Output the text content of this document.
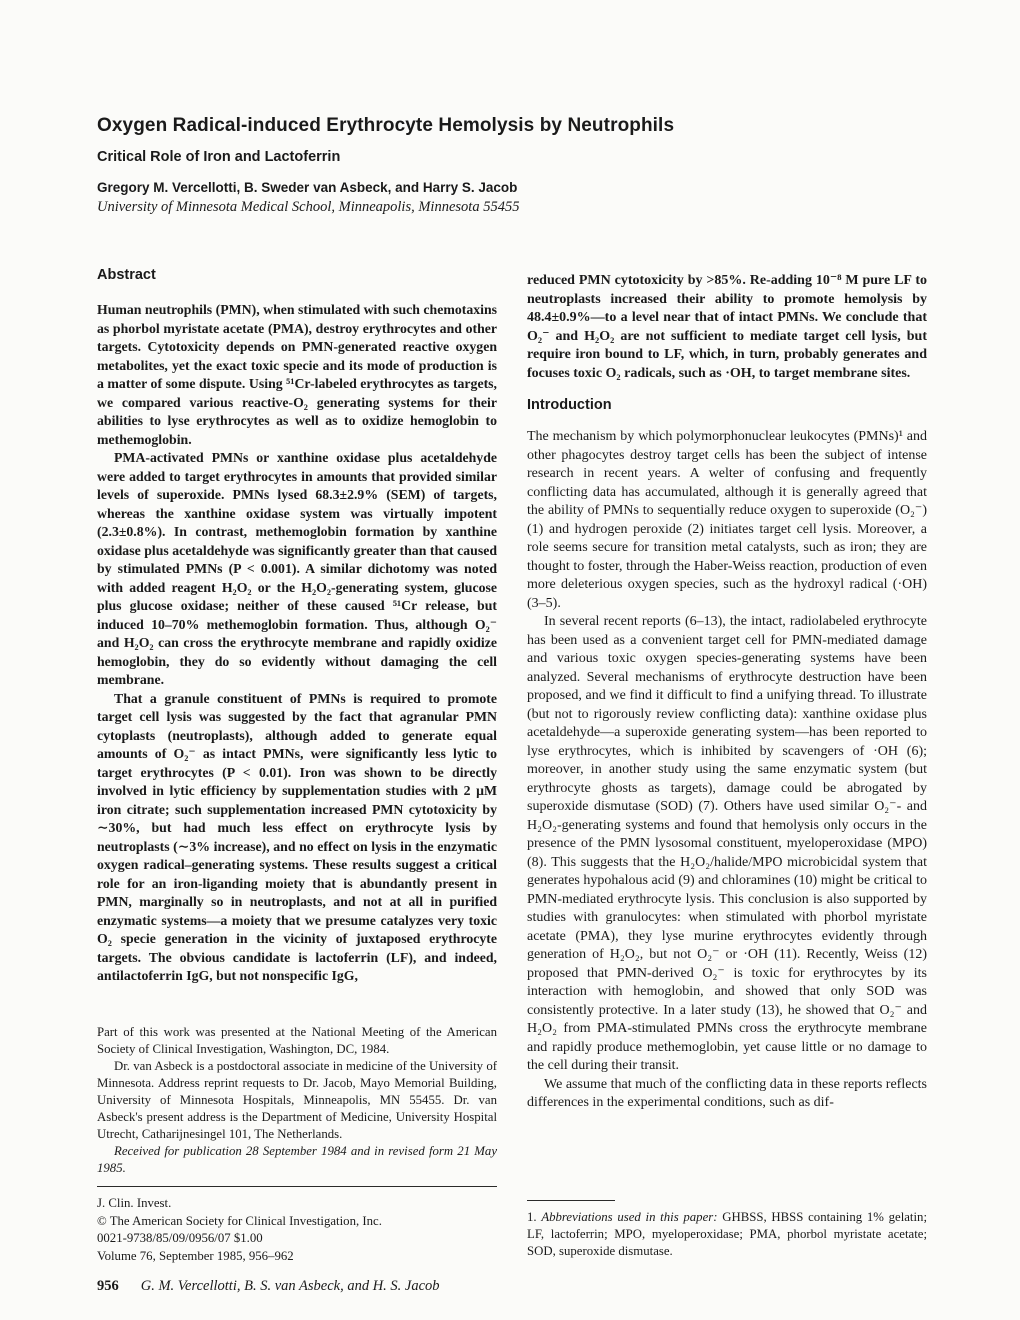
Oxygen Radical-induced Erythrocyte Hemolysis by Neutrophils
Critical Role of Iron and Lactoferrin
Gregory M. Vercellotti, B. Sweder van Asbeck, and Harry S. Jacob
University of Minnesota Medical School, Minneapolis, Minnesota 55455
Abstract

Human neutrophils (PMN), when stimulated with such chemotaxins as phorbol myristate acetate (PMA), destroy erythrocytes and other targets. Cytotoxicity depends on PMN-generated reactive oxygen metabolites, yet the exact toxic specie and its mode of production is a matter of some dispute. Using ⁵¹Cr-labeled erythrocytes as targets, we compared various reactive-O₂ generating systems for their abilities to lyse erythrocytes as well as to oxidize hemoglobin to methemoglobin.

PMA-activated PMNs or xanthine oxidase plus acetaldehyde were added to target erythrocytes in amounts that provided similar levels of superoxide. PMNs lysed 68.3±2.9% (SEM) of targets, whereas the xanthine oxidase system was virtually impotent (2.3±0.8%). In contrast, methemoglobin formation by xanthine oxidase plus acetaldehyde was significantly greater than that caused by stimulated PMNs (P < 0.001). A similar dichotomy was noted with added reagent H₂O₂ or the H₂O₂-generating system, glucose plus glucose oxidase; neither of these caused ⁵¹Cr release, but induced 10–70% methemoglobin formation. Thus, although O₂⁻ and H₂O₂ can cross the erythrocyte membrane and rapidly oxidize hemoglobin, they do so evidently without damaging the cell membrane.

That a granule constituent of PMNs is required to promote target cell lysis was suggested by the fact that agranular PMN cytoplasts (neutroplasts), although added to generate equal amounts of O₂⁻ as intact PMNs, were significantly less lytic to target erythrocytes (P < 0.01). Iron was shown to be directly involved in lytic efficiency by supplementation studies with 2 μM iron citrate; such supplementation increased PMN cytotoxicity by ∼30%, but had much less effect on erythrocyte lysis by neutroplasts (∼3% increase), and no effect on lysis in the enzymatic oxygen radical–generating systems. These results suggest a critical role for an iron-liganding moiety that is abundantly present in PMN, marginally so in neutroplasts, and not at all in purified enzymatic systems—a moiety that we presume catalyzes very toxic O₂ specie generation in the vicinity of juxtaposed erythrocyte targets. The obvious candidate is lactoferrin (LF), and indeed, antilactoferrin IgG, but not nonspecific IgG,

Part of this work was presented at the National Meeting of the American Society of Clinical Investigation, Washington, DC, 1984.

Dr. van Asbeck is a postdoctoral associate in medicine of the University of Minnesota. Address reprint requests to Dr. Jacob, Mayo Memorial Building, University of Minnesota Hospitals, Minneapolis, MN 55455. Dr. van Asbeck's present address is the Department of Medicine, University Hospital Utrecht, Catharijnesingel 101, The Netherlands.

Received for publication 28 September 1984 and in revised form 21 May 1985.

J. Clin. Invest.

© The American Society for Clinical Investigation, Inc.

0021-9738/85/09/0956/07 $1.00

Volume 76, September 1985, 956–962

reduced PMN cytotoxicity by >85%. Re-adding 10⁻⁸ M pure LF to neutroplasts increased their ability to promote hemolysis by 48.4±0.9%—to a level near that of intact PMNs. We conclude that O₂⁻ and H₂O₂ are not sufficient to mediate target cell lysis, but require iron bound to LF, which, in turn, probably generates and focuses toxic O₂ radicals, such as ·OH, to target membrane sites.

Introduction

The mechanism by which polymorphonuclear leukocytes (PMNs)¹ and other phagocytes destroy target cells has been the subject of intense research in recent years. A welter of confusing and frequently conflicting data has accumulated, although it is generally agreed that the ability of PMNs to sequentially reduce oxygen to superoxide (O₂⁻) (1) and hydrogen peroxide (2) initiates target cell lysis. Moreover, a role seems secure for transition metal catalysts, such as iron; they are thought to foster, through the Haber-Weiss reaction, production of even more deleterious oxygen species, such as the hydroxyl radical (·OH) (3–5).

In several recent reports (6–13), the intact, radiolabeled erythrocyte has been used as a convenient target cell for PMN-mediated damage and various toxic oxygen species-generating systems have been analyzed. Several mechanisms of erythrocyte destruction have been proposed, and we find it difficult to find a unifying thread. To illustrate (but not to rigorously review conflicting data): xanthine oxidase plus acetaldehyde—a superoxide generating system—has been reported to lyse erythrocytes, which is inhibited by scavengers of ·OH (6); moreover, in another study using the same enzymatic system (but erythrocyte ghosts as targets), damage could be abrogated by superoxide dismutase (SOD) (7). Others have used similar O₂⁻- and H₂O₂-generating systems and found that hemolysis only occurs in the presence of the PMN lysosomal constituent, myeloperoxidase (MPO) (8). This suggests that the H₂O₂/halide/MPO microbicidal system that generates hypohalous acid (9) and chloramines (10) might be critical to PMN-mediated erythrocyte lysis. This conclusion is also supported by studies with granulocytes: when stimulated with phorbol myristate acetate (PMA), they lyse murine erythrocytes evidently through generation of H₂O₂, but not O₂⁻ or ·OH (11). Recently, Weiss (12) proposed that PMN-derived O₂⁻ is toxic for erythrocytes by its interaction with hemoglobin, and showed that only SOD was consistently protective. In a later study (13), he showed that O₂⁻ and H₂O₂ from PMA-stimulated PMNs cross the erythrocyte membrane and rapidly produce methemoglobin, yet cause little or no damage to the cell during their transit.

We assume that much of the conflicting data in these reports reflects differences in the experimental conditions, such as dif-

1. Abbreviations used in this paper: GHBSS, HBSS containing 1% gelatin; LF, lactoferrin; MPO, myeloperoxidase; PMA, phorbol myristate acetate; SOD, superoxide dismutase.

956 G. M. Vercellotti, B. S. van Asbeck, and H. S. Jacob
